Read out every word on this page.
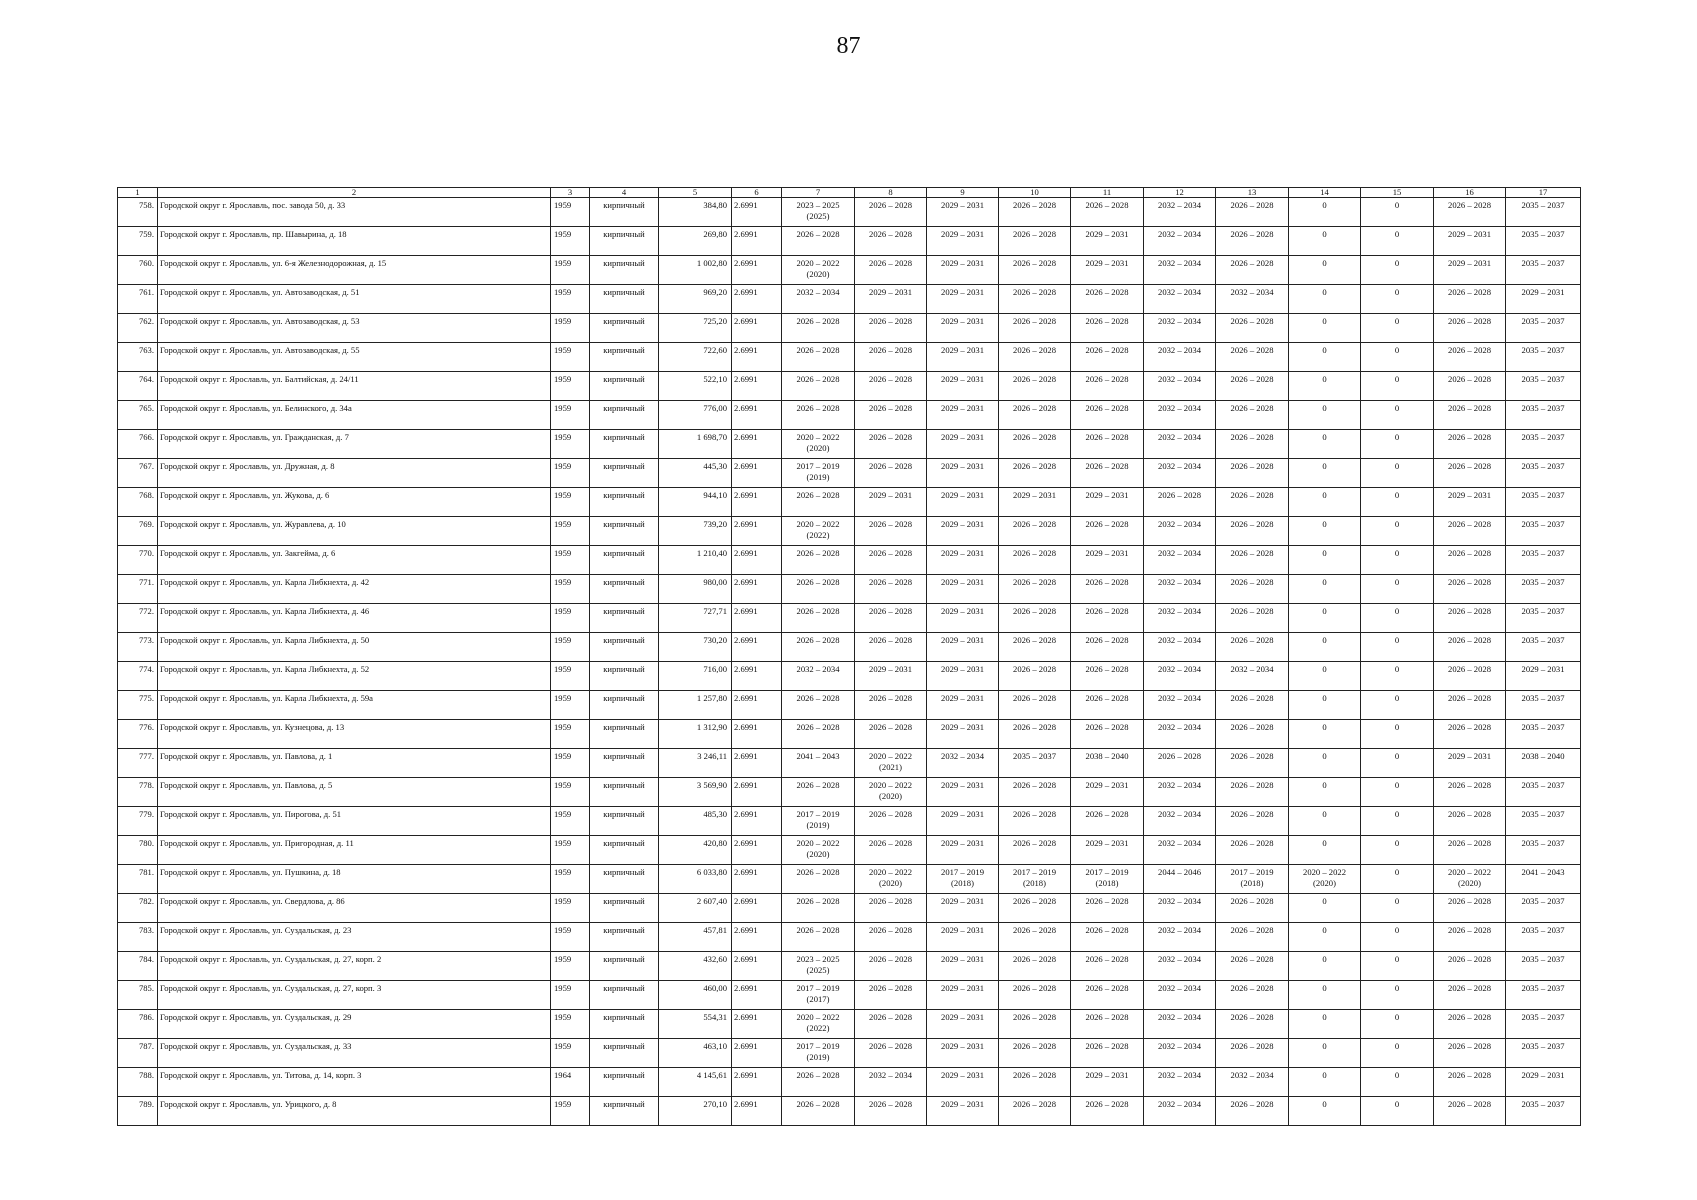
87
1	2	3	4	5	6	7	8	9	10	11	12	13	14	15	16	17
758.	Городской округ г. Ярославль, пос. завода 50, д. 33	1959	кирпичный	384,80	2.6991	2023 – 2025
(2025)	2026 – 2028	2029 – 2031	2026 – 2028	2026 – 2028	2032 – 2034	2026 – 2028	0	0	2026 – 2028	2035 – 2037
759.	Городской округ г. Ярославль, пр. Шавырина, д. 18	1959	кирпичный	269,80	2.6991	2026 – 2028	2026 – 2028	2029 – 2031	2026 – 2028	2029 – 2031	2032 – 2034	2026 – 2028	0	0	2029 – 2031	2035 – 2037
760.	Городской округ г. Ярославль, ул. 6-я Железнодорожная, д. 15	1959	кирпичный	1 002,80	2.6991	2020 – 2022
(2020)	2026 – 2028	2029 – 2031	2026 – 2028	2029 – 2031	2032 – 2034	2026 – 2028	0	0	2029 – 2031	2035 – 2037
761.	Городской округ г. Ярославль, ул. Автозаводская, д. 51	1959	кирпичный	969,20	2.6991	2032 – 2034	2029 – 2031	2029 – 2031	2026 – 2028	2026 – 2028	2032 – 2034	2032 – 2034	0	0	2026 – 2028	2029 – 2031
762.	Городской округ г. Ярославль, ул. Автозаводская, д. 53	1959	кирпичный	725,20	2.6991	2026 – 2028	2026 – 2028	2029 – 2031	2026 – 2028	2026 – 2028	2032 – 2034	2026 – 2028	0	0	2026 – 2028	2035 – 2037
763.	Городской округ г. Ярославль, ул. Автозаводская, д. 55	1959	кирпичный	722,60	2.6991	2026 – 2028	2026 – 2028	2029 – 2031	2026 – 2028	2026 – 2028	2032 – 2034	2026 – 2028	0	0	2026 – 2028	2035 – 2037
764.	Городской округ г. Ярославль, ул. Балтийская, д. 24/11	1959	кирпичный	522,10	2.6991	2026 – 2028	2026 – 2028	2029 – 2031	2026 – 2028	2026 – 2028	2032 – 2034	2026 – 2028	0	0	2026 – 2028	2035 – 2037
765.	Городской округ г. Ярославль, ул. Белинского, д. 34а	1959	кирпичный	776,00	2.6991	2026 – 2028	2026 – 2028	2029 – 2031	2026 – 2028	2026 – 2028	2032 – 2034	2026 – 2028	0	0	2026 – 2028	2035 – 2037
766.	Городской округ г. Ярославль, ул. Гражданская, д. 7	1959	кирпичный	1 698,70	2.6991	2020 – 2022
(2020)	2026 – 2028	2029 – 2031	2026 – 2028	2026 – 2028	2032 – 2034	2026 – 2028	0	0	2026 – 2028	2035 – 2037
767.	Городской округ г. Ярославль, ул. Дружная, д. 8	1959	кирпичный	445,30	2.6991	2017 – 2019
(2019)	2026 – 2028	2029 – 2031	2026 – 2028	2026 – 2028	2032 – 2034	2026 – 2028	0	0	2026 – 2028	2035 – 2037
768.	Городской округ г. Ярославль, ул. Жукова, д. 6	1959	кирпичный	944,10	2.6991	2026 – 2028	2029 – 2031	2029 – 2031	2029 – 2031	2029 – 2031	2026 – 2028	2026 – 2028	0	0	2029 – 2031	2035 – 2037
769.	Городской округ г. Ярославль, ул. Журавлева, д. 10	1959	кирпичный	739,20	2.6991	2020 – 2022
(2022)	2026 – 2028	2029 – 2031	2026 – 2028	2026 – 2028	2032 – 2034	2026 – 2028	0	0	2026 – 2028	2035 – 2037
770.	Городской округ г. Ярославль, ул. Закгейма, д. 6	1959	кирпичный	1 210,40	2.6991	2026 – 2028	2026 – 2028	2029 – 2031	2026 – 2028	2029 – 2031	2032 – 2034	2026 – 2028	0	0	2026 – 2028	2035 – 2037
771.	Городской округ г. Ярославль, ул. Карла Либкнехта, д. 42	1959	кирпичный	980,00	2.6991	2026 – 2028	2026 – 2028	2029 – 2031	2026 – 2028	2026 – 2028	2032 – 2034	2026 – 2028	0	0	2026 – 2028	2035 – 2037
772.	Городской округ г. Ярославль, ул. Карла Либкнехта, д. 46	1959	кирпичный	727,71	2.6991	2026 – 2028	2026 – 2028	2029 – 2031	2026 – 2028	2026 – 2028	2032 – 2034	2026 – 2028	0	0	2026 – 2028	2035 – 2037
773.	Городской округ г. Ярославль, ул. Карла Либкнехта, д. 50	1959	кирпичный	730,20	2.6991	2026 – 2028	2026 – 2028	2029 – 2031	2026 – 2028	2026 – 2028	2032 – 2034	2026 – 2028	0	0	2026 – 2028	2035 – 2037
774.	Городской округ г. Ярославль, ул. Карла Либкнехта, д. 52	1959	кирпичный	716,00	2.6991	2032 – 2034	2029 – 2031	2029 – 2031	2026 – 2028	2026 – 2028	2032 – 2034	2032 – 2034	0	0	2026 – 2028	2029 – 2031
775.	Городской округ г. Ярославль, ул. Карла Либкнехта, д. 59а	1959	кирпичный	1 257,80	2.6991	2026 – 2028	2026 – 2028	2029 – 2031	2026 – 2028	2026 – 2028	2032 – 2034	2026 – 2028	0	0	2026 – 2028	2035 – 2037
776.	Городской округ г. Ярославль, ул. Кузнецова, д. 13	1959	кирпичный	1 312,90	2.6991	2026 – 2028	2026 – 2028	2029 – 2031	2026 – 2028	2026 – 2028	2032 – 2034	2026 – 2028	0	0	2026 – 2028	2035 – 2037
777.	Городской округ г. Ярославль, ул. Павлова, д. 1	1959	кирпичный	3 246,11	2.6991	2041 – 2043	2020 – 2022
(2021)	2032 – 2034	2035 – 2037	2038 – 2040	2026 – 2028	2026 – 2028	0	0	2029 – 2031	2038 – 2040
778.	Городской округ г. Ярославль, ул. Павлова, д. 5	1959	кирпичный	3 569,90	2.6991	2026 – 2028	2020 – 2022
(2020)	2029 – 2031	2026 – 2028	2029 – 2031	2032 – 2034	2026 – 2028	0	0	2026 – 2028	2035 – 2037
779.	Городской округ г. Ярославль, ул. Пирогова, д. 51	1959	кирпичный	485,30	2.6991	2017 – 2019
(2019)	2026 – 2028	2029 – 2031	2026 – 2028	2026 – 2028	2032 – 2034	2026 – 2028	0	0	2026 – 2028	2035 – 2037
780.	Городской округ г. Ярославль, ул. Пригородная, д. 11	1959	кирпичный	420,80	2.6991	2020 – 2022
(2020)	2026 – 2028	2029 – 2031	2026 – 2028	2029 – 2031	2032 – 2034	2026 – 2028	0	0	2026 – 2028	2035 – 2037
781.	Городской округ г. Ярославль, ул. Пушкина, д. 18	1959	кирпичный	6 033,80	2.6991	2026 – 2028	2020 – 2022
(2020)	2017 – 2019
(2018)	2017 – 2019
(2018)	2017 – 2019
(2018)	2044 – 2046	2017 – 2019
(2018)	2020 – 2022
(2020)	0	2020 – 2022
(2020)	2041 – 2043
782.	Городской округ г. Ярославль, ул. Свердлова, д. 86	1959	кирпичный	2 607,40	2.6991	2026 – 2028	2026 – 2028	2029 – 2031	2026 – 2028	2026 – 2028	2032 – 2034	2026 – 2028	0	0	2026 – 2028	2035 – 2037
783.	Городской округ г. Ярославль, ул. Суздальская, д. 23	1959	кирпичный	457,81	2.6991	2026 – 2028	2026 – 2028	2029 – 2031	2026 – 2028	2026 – 2028	2032 – 2034	2026 – 2028	0	0	2026 – 2028	2035 – 2037
784.	Городской округ г. Ярославль, ул. Суздальская, д. 27, корп. 2	1959	кирпичный	432,60	2.6991	2023 – 2025
(2025)	2026 – 2028	2029 – 2031	2026 – 2028	2026 – 2028	2032 – 2034	2026 – 2028	0	0	2026 – 2028	2035 – 2037
785.	Городской округ г. Ярославль, ул. Суздальская, д. 27, корп. 3	1959	кирпичный	460,00	2.6991	2017 – 2019
(2017)	2026 – 2028	2029 – 2031	2026 – 2028	2026 – 2028	2032 – 2034	2026 – 2028	0	0	2026 – 2028	2035 – 2037
786.	Городской округ г. Ярославль, ул. Суздальская, д. 29	1959	кирпичный	554,31	2.6991	2020 – 2022
(2022)	2026 – 2028	2029 – 2031	2026 – 2028	2026 – 2028	2032 – 2034	2026 – 2028	0	0	2026 – 2028	2035 – 2037
787.	Городской округ г. Ярославль, ул. Суздальская, д. 33	1959	кирпичный	463,10	2.6991	2017 – 2019
(2019)	2026 – 2028	2029 – 2031	2026 – 2028	2026 – 2028	2032 – 2034	2026 – 2028	0	0	2026 – 2028	2035 – 2037
788.	Городской округ г. Ярославль, ул. Титова, д. 14, корп. 3	1964	кирпичный	4 145,61	2.6991	2026 – 2028	2032 – 2034	2029 – 2031	2026 – 2028	2029 – 2031	2032 – 2034	2032 – 2034	0	0	2026 – 2028	2029 – 2031
789.	Городской округ г. Ярославль, ул. Урицкого, д. 8	1959	кирпичный	270,10	2.6991	2026 – 2028	2026 – 2028	2029 – 2031	2026 – 2028	2026 – 2028	2032 – 2034	2026 – 2028	0	0	2026 – 2028	2035 – 2037
